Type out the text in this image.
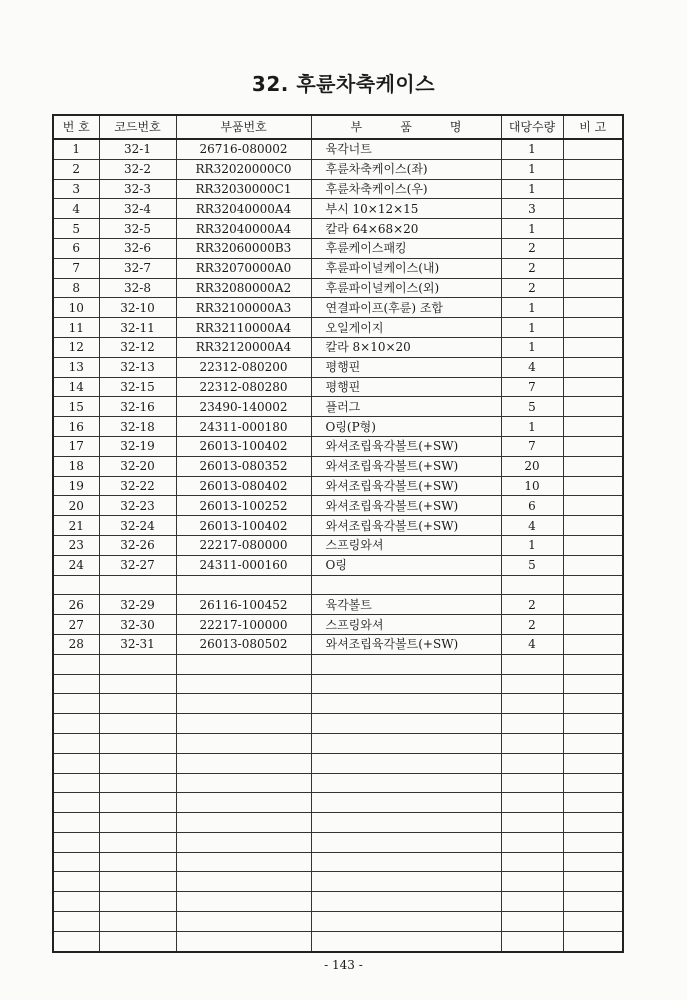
32. 후륜차축케이스
번 호	코드번호	부품번호	부          품          명	대당수량	비 고
1	32-1	26716-080002	육각너트	1	
2	32-2	RR32020000C0	후륜차축케이스(좌)	1	
3	32-3	RR32030000C1	후륜차축케이스(우)	1	
4	32-4	RR32040000A4	부시 10×12×15	3	
5	32-5	RR32040000A4	칼라 64×68×20	1	
6	32-6	RR32060000B3	후륜케이스패킹	2	
7	32-7	RR32070000A0	후륜파이널케이스(내)	2	
8	32-8	RR32080000A2	후륜파이널케이스(외)	2	
10	32-10	RR32100000A3	연결파이프(후륜) 조합	1	
11	32-11	RR32110000A4	오일게이지	1	
12	32-12	RR32120000A4	칼라 8×10×20	1	
13	32-13	22312-080200	평행핀	4	
14	32-15	22312-080280	평행핀	7	
15	32-16	23490-140002	플러그	5	
16	32-18	24311-000180	O링(P형)	1	
17	32-19	26013-100402	와셔조립육각볼트(+SW)	7	
18	32-20	26013-080352	와셔조립육각볼트(+SW)	20	
19	32-22	26013-080402	와셔조립육각볼트(+SW)	10	
20	32-23	26013-100252	와셔조립육각볼트(+SW)	6	
21	32-24	26013-100402	와셔조립육각볼트(+SW)	4	
23	32-26	22217-080000	스프링와셔	1	
24	32-27	24311-000160	O링	5	

26	32-29	26116-100452	육각볼트	2	
27	32-30	22217-100000	스프링와셔	2	
28	32-31	26013-080502	와셔조립육각볼트(+SW)	4	

- 143 -
